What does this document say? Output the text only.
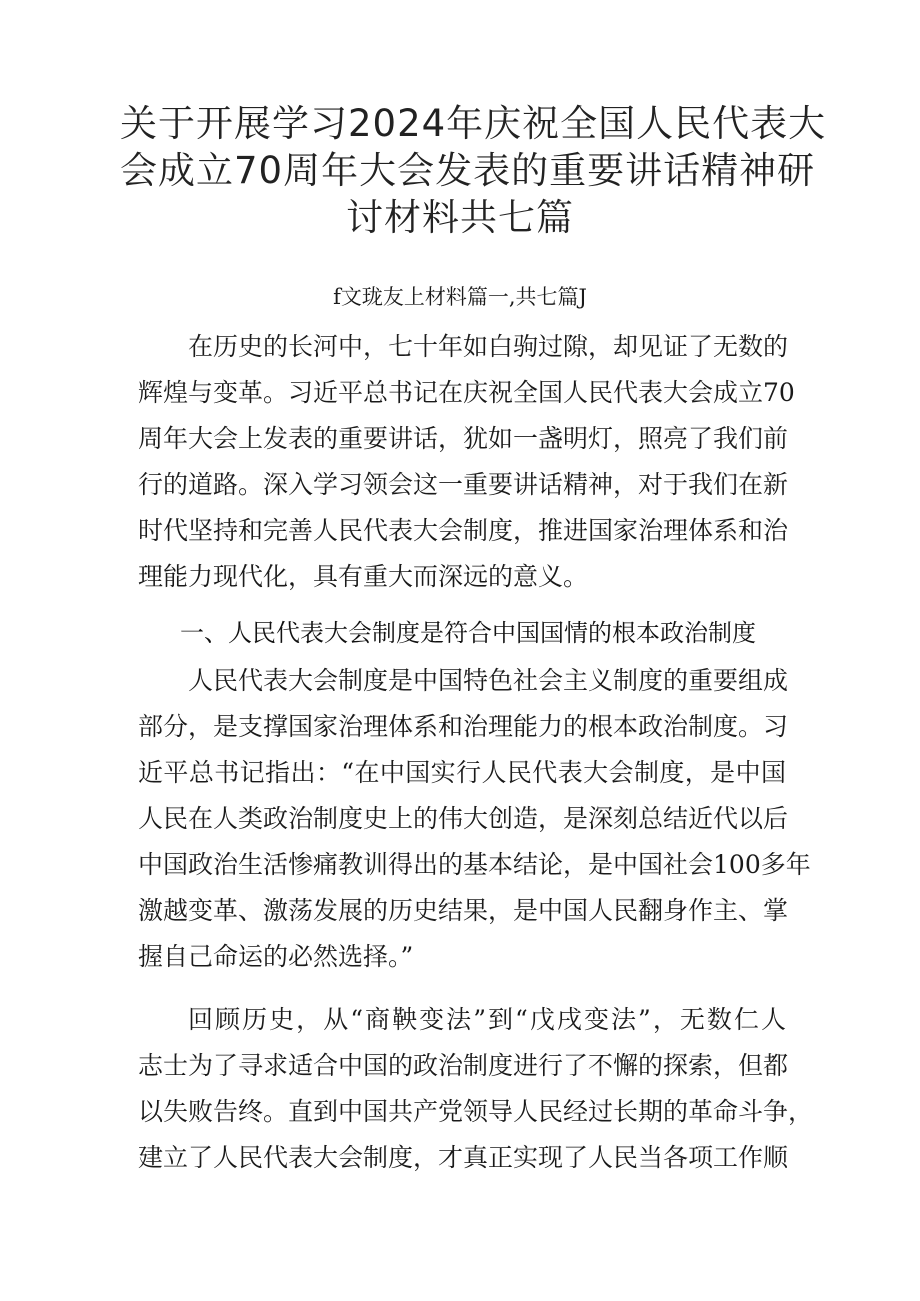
关于开展学习2024年庆祝全国人民代表大
会成立70周年大会发表的重要讲话精神研
讨材料共七篇
f文珑友上材料篇一,共七篇J
在历史的长河中，七十年如白驹过隙，却见证了无数的
辉煌与变革。习近平总书记在庆祝全国人民代表大会成立70
周年大会上发表的重要讲话，犹如一盏明灯，照亮了我们前
行的道路。深入学习领会这一重要讲话精神，对于我们在新
时代坚持和完善人民代表大会制度，推进国家治理体系和治
理能力现代化，具有重大而深远的意义。
一、人民代表大会制度是符合中国国情的根本政治制度
人民代表大会制度是中国特色社会主义制度的重要组成
部分，是支撑国家治理体系和治理能力的根本政治制度。习
近平总书记指出：“在中国实行人民代表大会制度，是中国
人民在人类政治制度史上的伟大创造，是深刻总结近代以后
中国政治生活惨痛教训得出的基本结论，是中国社会100多年
激越变革、激荡发展的历史结果，是中国人民翻身作主、掌
握自己命运的必然选择。”
回顾历史，从“商鞅变法”到“戊戌变法”，无数仁人
志士为了寻求适合中国的政治制度进行了不懈的探索，但都
以失败告终。直到中国共产党领导人民经过长期的革命斗争，
建立了人民代表大会制度，才真正实现了人民当各项工作顺
